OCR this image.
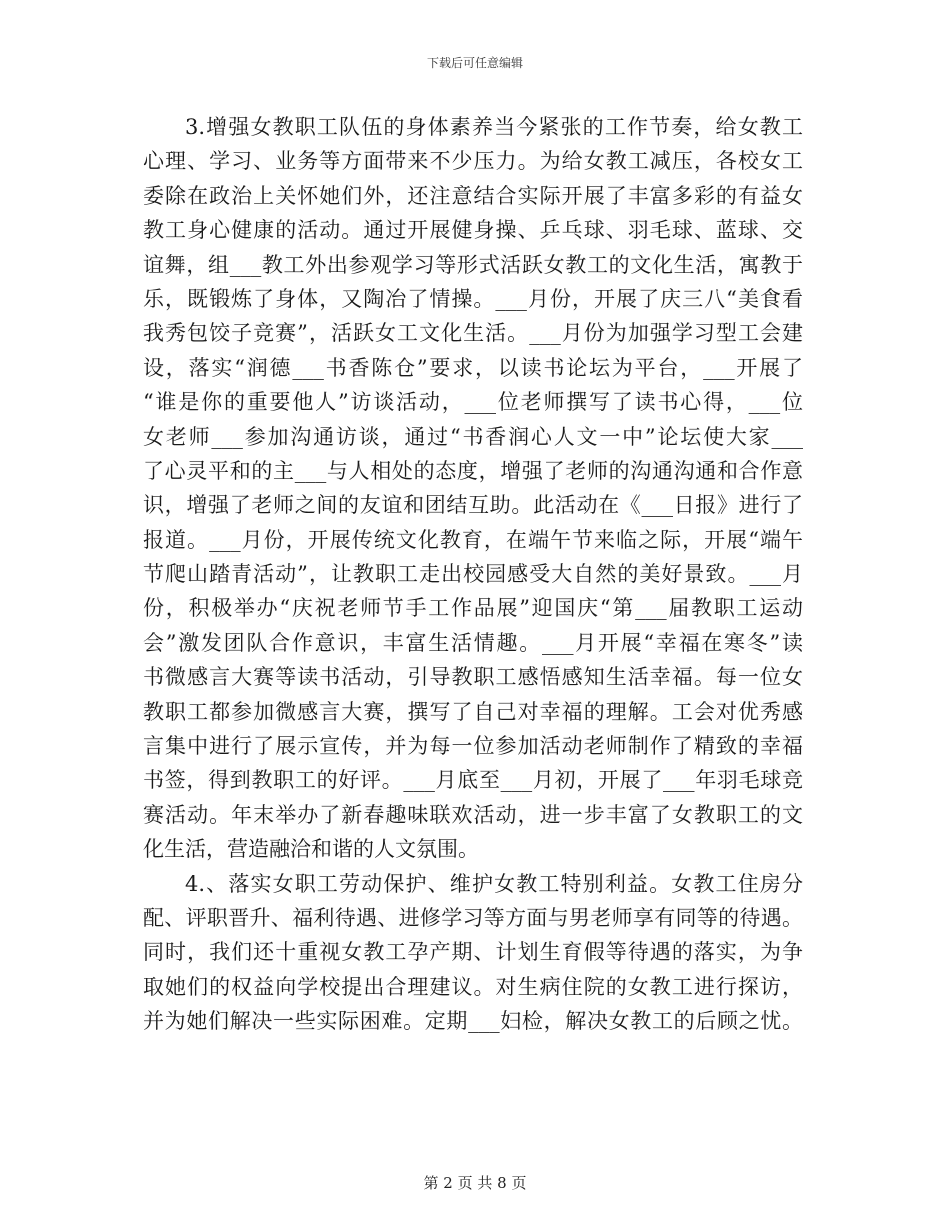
下载后可任意编辑
3.增强女教职工队伍的身体素养当今紧张的工作节奏，给女教工
心理、学习、业务等方面带来不少压力。为给女教工减压，各校女工
委除在政治上关怀她们外，还注意结合实际开展了丰富多彩的有益女
教工身心健康的活动。通过开展健身操、乒乓球、羽毛球、蓝球、交
谊舞，组___教工外出参观学习等形式活跃女教工的文化生活，寓教于
乐，既锻炼了身体，又陶冶了情操。___月份，开展了庆三八“美食看
我秀包饺子竞赛”，活跃女工文化生活。___月份为加强学习型工会建
设，落实“润德___书香陈仓”要求，以读书论坛为平台，___开展了
“谁是你的重要他人”访谈活动，___位老师撰写了读书心得，___位
女老师___参加沟通访谈，通过“书香润心人文一中”论坛使大家___
了心灵平和的主___与人相处的态度，增强了老师的沟通沟通和合作意
识，增强了老师之间的友谊和团结互助。此活动在《___日报》进行了
报道。___月份，开展传统文化教育，在端午节来临之际，开展“端午
节爬山踏青活动”，让教职工走出校园感受大自然的美好景致。___月
份，积极举办“庆祝老师节手工作品展”迎国庆“第___届教职工运动
会”激发团队合作意识，丰富生活情趣。___月开展“幸福在寒冬”读
书微感言大赛等读书活动，引导教职工感悟感知生活幸福。每一位女
教职工都参加微感言大赛，撰写了自己对幸福的理解。工会对优秀感
言集中进行了展示宣传，并为每一位参加活动老师制作了精致的幸福
书签，得到教职工的好评。___月底至___月初，开展了___年羽毛球竞
赛活动。年末举办了新春趣味联欢活动，进一步丰富了女教职工的文
化生活，营造融洽和谐的人文氛围。
4.、落实女职工劳动保护、维护女教工特别利益。女教工住房分
配、评职晋升、福利待遇、进修学习等方面与男老师享有同等的待遇。
同时，我们还十重视女教工孕产期、计划生育假等待遇的落实，为争
取她们的权益向学校提出合理建议。对生病住院的女教工进行探访，
并为她们解决一些实际困难。定期___妇检，解决女教工的后顾之忧。
第 2 页 共 8 页
